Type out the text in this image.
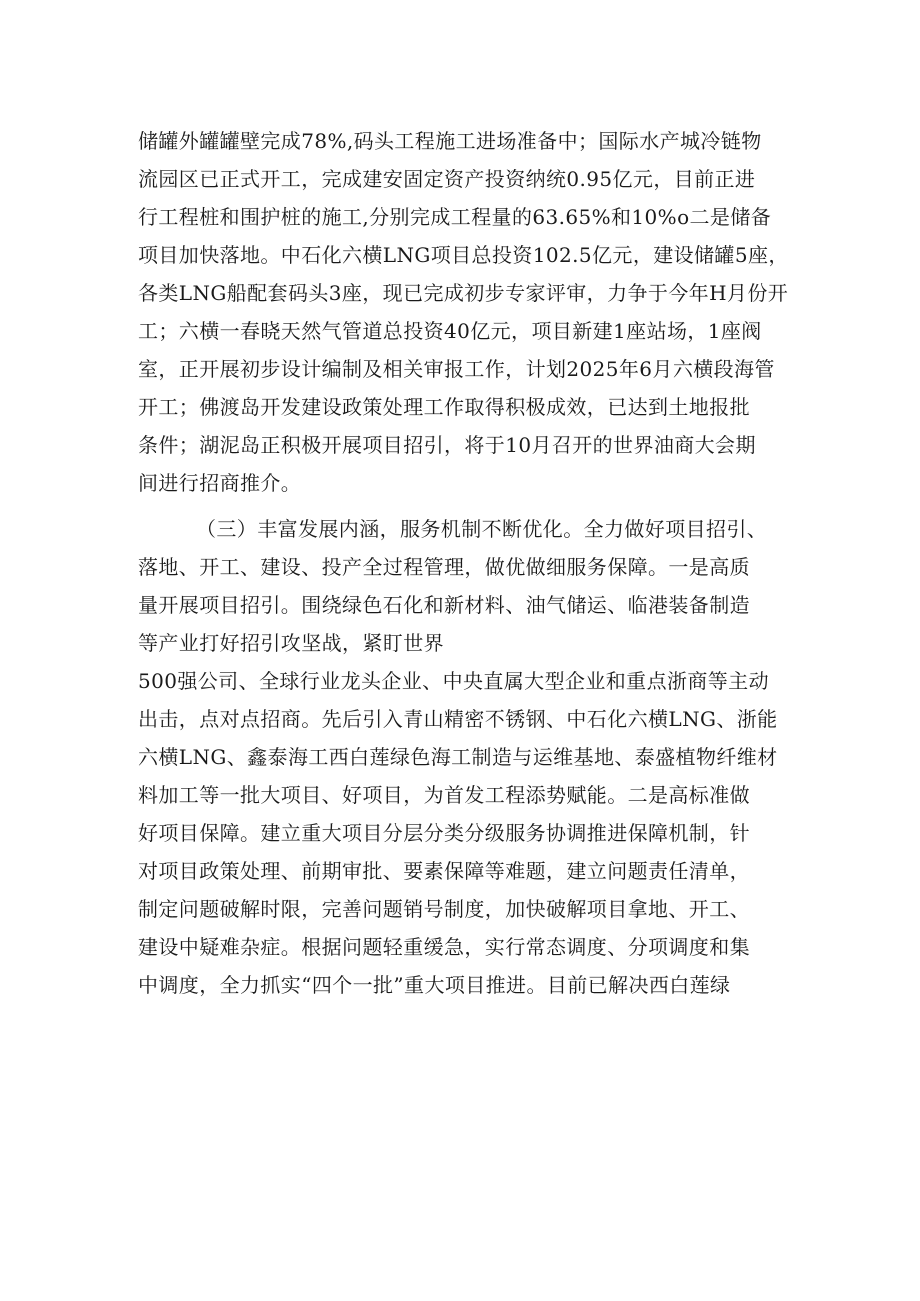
储罐外罐罐壁完成78%,码头工程施工进场准备中；国际水产城冷链物
流园区已正式开工，完成建安固定资产投资纳统0.95亿元，目前正进
行工程桩和围护桩的施工,分别完成工程量的63.65%和10%o二是储备
项目加快落地。中石化六横LNG项目总投资102.5亿元，建设储罐5座，
各类LNG船配套码头3座，现已完成初步专家评审，力争于今年H月份开
工；六横一春晓天然气管道总投资40亿元，项目新建1座站场，1座阀
室，正开展初步设计编制及相关审报工作，计划2025年6月六横段海管
开工；佛渡岛开发建设政策处理工作取得积极成效，已达到土地报批
条件；湖泥岛正积极开展项目招引，将于10月召开的世界油商大会期
间进行招商推介。
（三）丰富发展内涵，服务机制不断优化。全力做好项目招引、
落地、开工、建设、投产全过程管理，做优做细服务保障。一是高质
量开展项目招引。围绕绿色石化和新材料、油气储运、临港装备制造
等产业打好招引攻坚战，紧盯世界
500强公司、全球行业龙头企业、中央直属大型企业和重点浙商等主动
出击，点对点招商。先后引入青山精密不锈钢、中石化六横LNG、浙能
六横LNG、鑫泰海工西白莲绿色海工制造与运维基地、泰盛植物纤维材
料加工等一批大项目、好项目，为首发工程添势赋能。二是高标准做
好项目保障。建立重大项目分层分类分级服务协调推进保障机制，针
对项目政策处理、前期审批、要素保障等难题，建立问题责任清单，
制定问题破解时限，完善问题销号制度，加快破解项目拿地、开工、
建设中疑难杂症。根据问题轻重缓急，实行常态调度、分项调度和集
中调度，全力抓实“四个一批”重大项目推进。目前已解决西白莲绿
